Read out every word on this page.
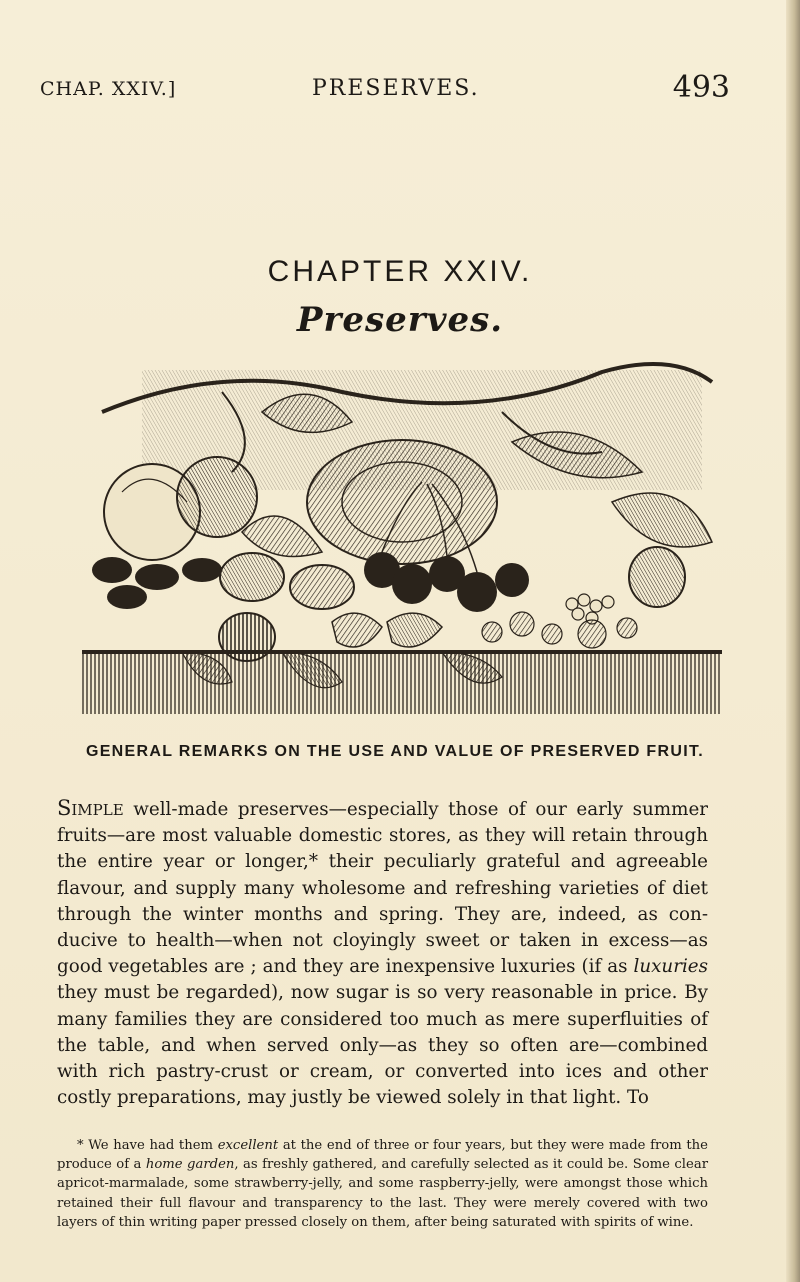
CHAP. XXIV.]	PRESERVES.	493
CHAPTER XXIV.
Preserves.
GENERAL REMARKS ON THE USE AND VALUE OF PRESERVED FRUIT.

Simple well-made preserves—especially those of our early summer fruits—are most valuable domestic stores, as they will retain through the entire year or longer,* their peculiarly grateful and agreeable flavour, and supply many wholesome and refreshing varieties of diet through the winter months and spring. They are, indeed, as conducive to health—when not cloyingly sweet or taken in excess—as good vegetables are ; and they are inexpensive luxuries (if as luxuries they must be regarded), now sugar is so very reasonable in price. By many families they are considered too much as mere superfluities of the table, and when served only—as they so often are—combined with rich pastry-crust or cream, or converted into ices and other costly preparations, may justly be viewed solely in that light. To

* We have had them excellent at the end of three or four years, but they were made from the produce of a home garden, as freshly gathered, and carefully selected as it could be. Some clear apricot-marmalade, some strawberry-jelly, and some raspberry-jelly, were amongst those which retained their full flavour and transparency to the last. They were merely covered with two layers of thin writing paper pressed closely on them, after being saturated with spirits of wine.
